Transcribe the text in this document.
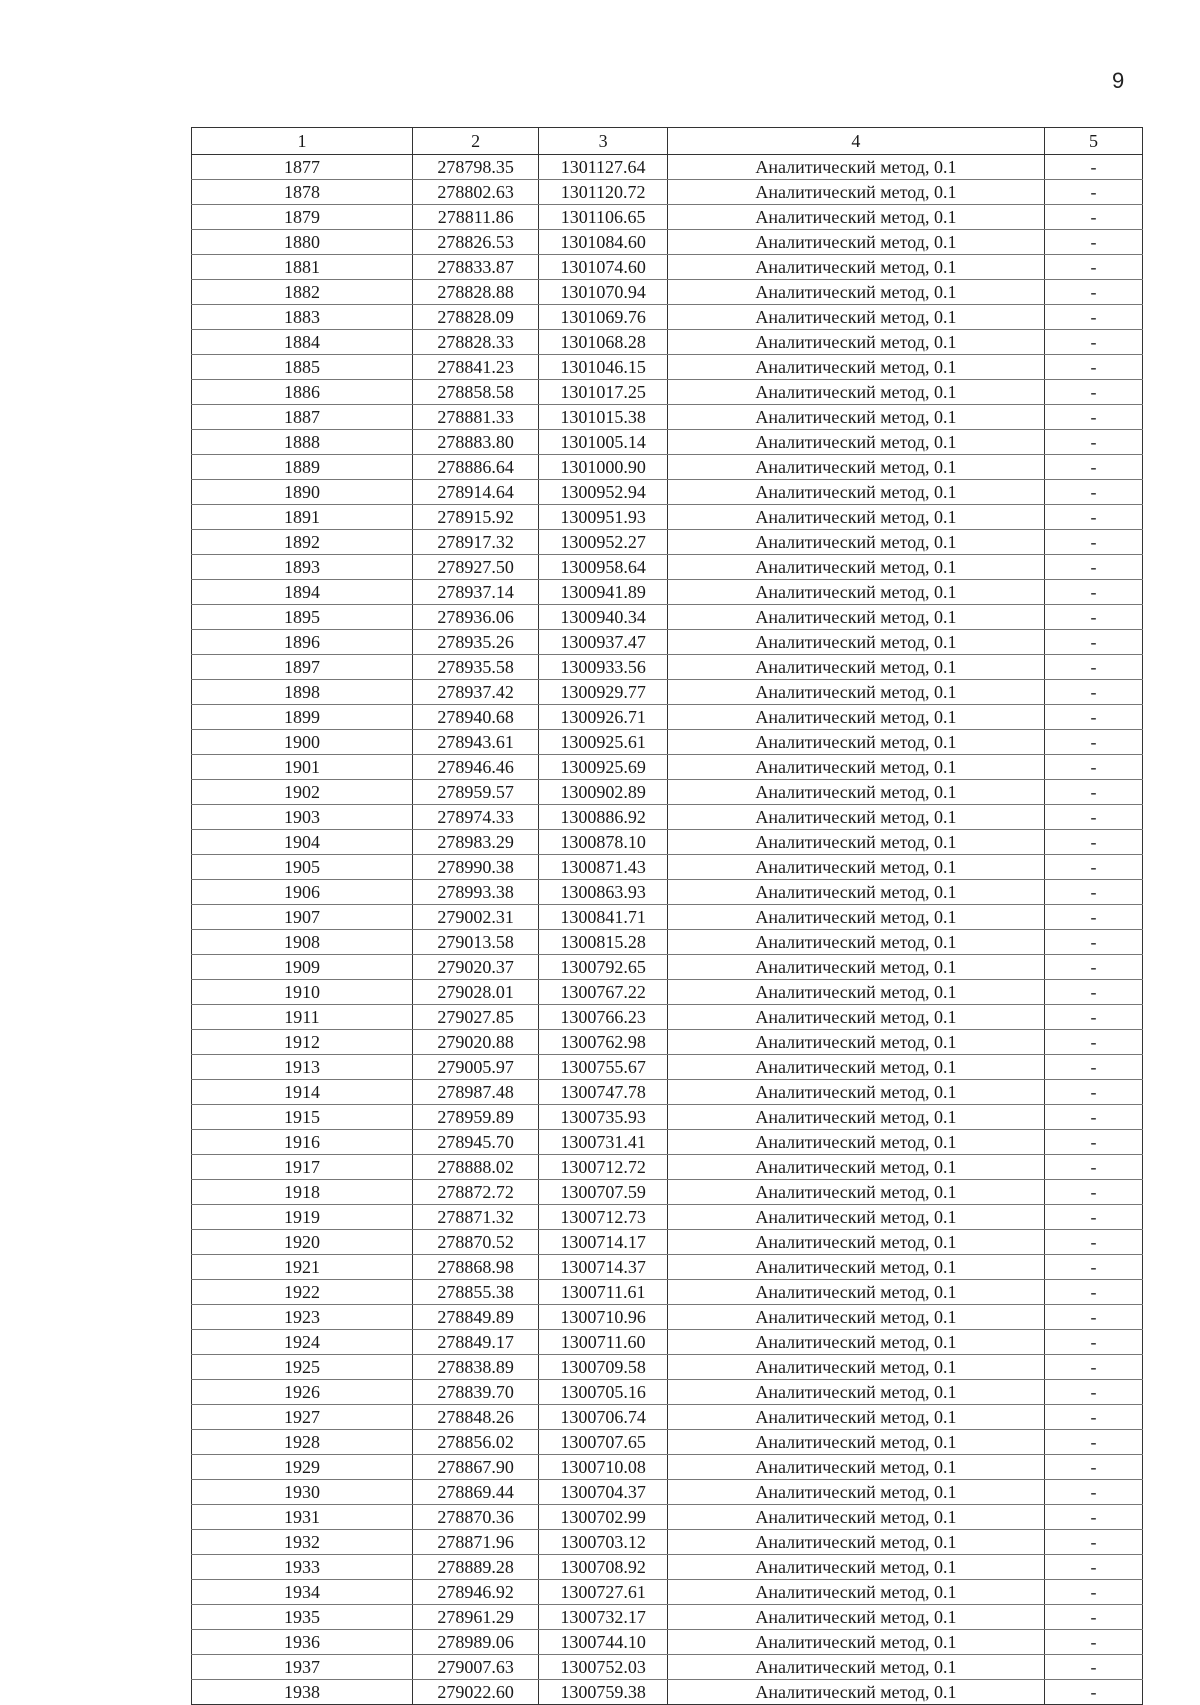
9
1	2	3	4	5
1877	278798.35	1301127.64	Аналитический метод, 0.1	-
1878	278802.63	1301120.72	Аналитический метод, 0.1	-
1879	278811.86	1301106.65	Аналитический метод, 0.1	-
1880	278826.53	1301084.60	Аналитический метод, 0.1	-
1881	278833.87	1301074.60	Аналитический метод, 0.1	-
1882	278828.88	1301070.94	Аналитический метод, 0.1	-
1883	278828.09	1301069.76	Аналитический метод, 0.1	-
1884	278828.33	1301068.28	Аналитический метод, 0.1	-
1885	278841.23	1301046.15	Аналитический метод, 0.1	-
1886	278858.58	1301017.25	Аналитический метод, 0.1	-
1887	278881.33	1301015.38	Аналитический метод, 0.1	-
1888	278883.80	1301005.14	Аналитический метод, 0.1	-
1889	278886.64	1301000.90	Аналитический метод, 0.1	-
1890	278914.64	1300952.94	Аналитический метод, 0.1	-
1891	278915.92	1300951.93	Аналитический метод, 0.1	-
1892	278917.32	1300952.27	Аналитический метод, 0.1	-
1893	278927.50	1300958.64	Аналитический метод, 0.1	-
1894	278937.14	1300941.89	Аналитический метод, 0.1	-
1895	278936.06	1300940.34	Аналитический метод, 0.1	-
1896	278935.26	1300937.47	Аналитический метод, 0.1	-
1897	278935.58	1300933.56	Аналитический метод, 0.1	-
1898	278937.42	1300929.77	Аналитический метод, 0.1	-
1899	278940.68	1300926.71	Аналитический метод, 0.1	-
1900	278943.61	1300925.61	Аналитический метод, 0.1	-
1901	278946.46	1300925.69	Аналитический метод, 0.1	-
1902	278959.57	1300902.89	Аналитический метод, 0.1	-
1903	278974.33	1300886.92	Аналитический метод, 0.1	-
1904	278983.29	1300878.10	Аналитический метод, 0.1	-
1905	278990.38	1300871.43	Аналитический метод, 0.1	-
1906	278993.38	1300863.93	Аналитический метод, 0.1	-
1907	279002.31	1300841.71	Аналитический метод, 0.1	-
1908	279013.58	1300815.28	Аналитический метод, 0.1	-
1909	279020.37	1300792.65	Аналитический метод, 0.1	-
1910	279028.01	1300767.22	Аналитический метод, 0.1	-
1911	279027.85	1300766.23	Аналитический метод, 0.1	-
1912	279020.88	1300762.98	Аналитический метод, 0.1	-
1913	279005.97	1300755.67	Аналитический метод, 0.1	-
1914	278987.48	1300747.78	Аналитический метод, 0.1	-
1915	278959.89	1300735.93	Аналитический метод, 0.1	-
1916	278945.70	1300731.41	Аналитический метод, 0.1	-
1917	278888.02	1300712.72	Аналитический метод, 0.1	-
1918	278872.72	1300707.59	Аналитический метод, 0.1	-
1919	278871.32	1300712.73	Аналитический метод, 0.1	-
1920	278870.52	1300714.17	Аналитический метод, 0.1	-
1921	278868.98	1300714.37	Аналитический метод, 0.1	-
1922	278855.38	1300711.61	Аналитический метод, 0.1	-
1923	278849.89	1300710.96	Аналитический метод, 0.1	-
1924	278849.17	1300711.60	Аналитический метод, 0.1	-
1925	278838.89	1300709.58	Аналитический метод, 0.1	-
1926	278839.70	1300705.16	Аналитический метод, 0.1	-
1927	278848.26	1300706.74	Аналитический метод, 0.1	-
1928	278856.02	1300707.65	Аналитический метод, 0.1	-
1929	278867.90	1300710.08	Аналитический метод, 0.1	-
1930	278869.44	1300704.37	Аналитический метод, 0.1	-
1931	278870.36	1300702.99	Аналитический метод, 0.1	-
1932	278871.96	1300703.12	Аналитический метод, 0.1	-
1933	278889.28	1300708.92	Аналитический метод, 0.1	-
1934	278946.92	1300727.61	Аналитический метод, 0.1	-
1935	278961.29	1300732.17	Аналитический метод, 0.1	-
1936	278989.06	1300744.10	Аналитический метод, 0.1	-
1937	279007.63	1300752.03	Аналитический метод, 0.1	-
1938	279022.60	1300759.38	Аналитический метод, 0.1	-
